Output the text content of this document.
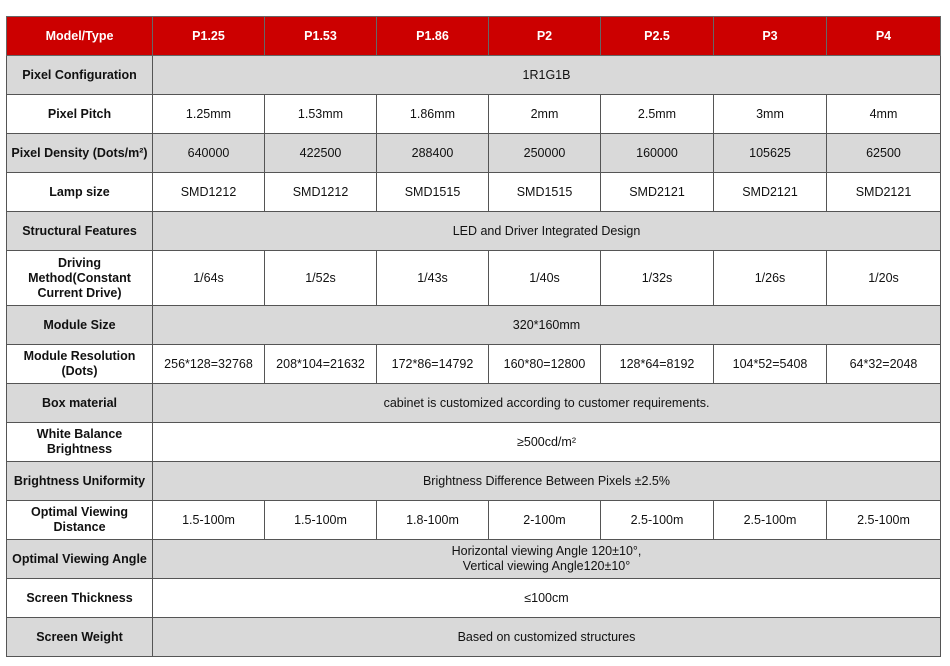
Model/Type	P1.25	P1.53	P1.86	P2	P2.5	P3	P4
Pixel Configuration	1R1G1B						
Pixel Pitch	1.25mm	1.53mm	1.86mm	2mm	2.5mm	3mm	4mm
Pixel Density (Dots/m²)	640000	422500	288400	250000	160000	105625	62500
Lamp size	SMD1212	SMD1212	SMD1515	SMD1515	SMD2121	SMD2121	SMD2121
Structural Features	LED and Driver Integrated Design						
Driving Method(Constant Current Drive)	1/64s	1/52s	1/43s	1/40s	1/32s	1/26s	1/20s
Module Size	320*160mm						
Module Resolution (Dots)	256*128=32768	208*104=21632	172*86=14792	160*80=12800	128*64=8192	104*52=5408	64*32=2048
Box material	cabinet is customized according to customer requirements.						
White Balance Brightness	≥500cd/m²						
Brightness Uniformity	Brightness Difference Between Pixels ±2.5%						
Optimal Viewing Distance	1.5-100m	1.5-100m	1.8-100m	2-100m	2.5-100m	2.5-100m	2.5-100m
Optimal Viewing Angle	Horizontal viewing Angle 120±10°,
Vertical viewing Angle120±10°						

Screen Thickness	≤100cm						
Screen Weight	Based on customized structures						
